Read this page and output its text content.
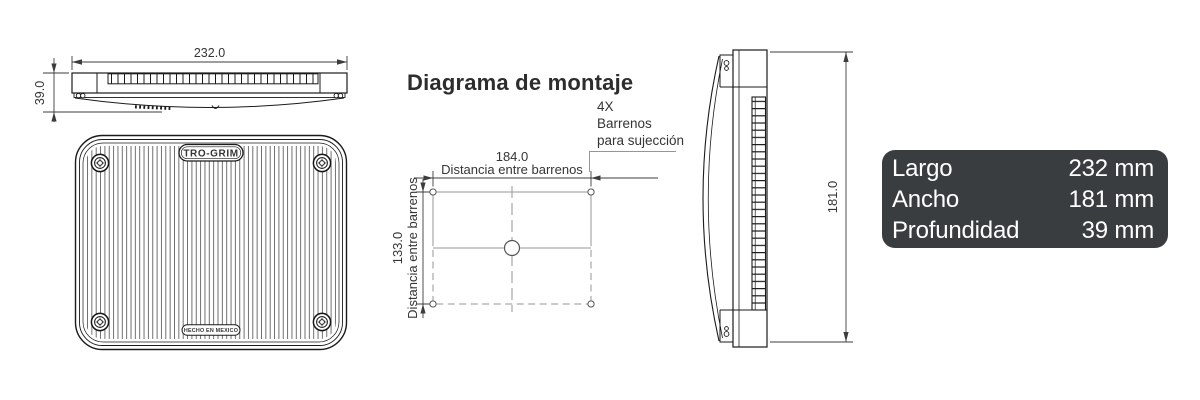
232.0
39.0
TRO-GRIM
HECHO EN MEXICO
184.0
Distancia entre barrenos
133.0 Distancia entre barrenos
4X
Barrenos
para sujección
181.0
Diagrama de montaje
Largo	232 mm
Ancho	181 mm
Profundidad	39 mm
